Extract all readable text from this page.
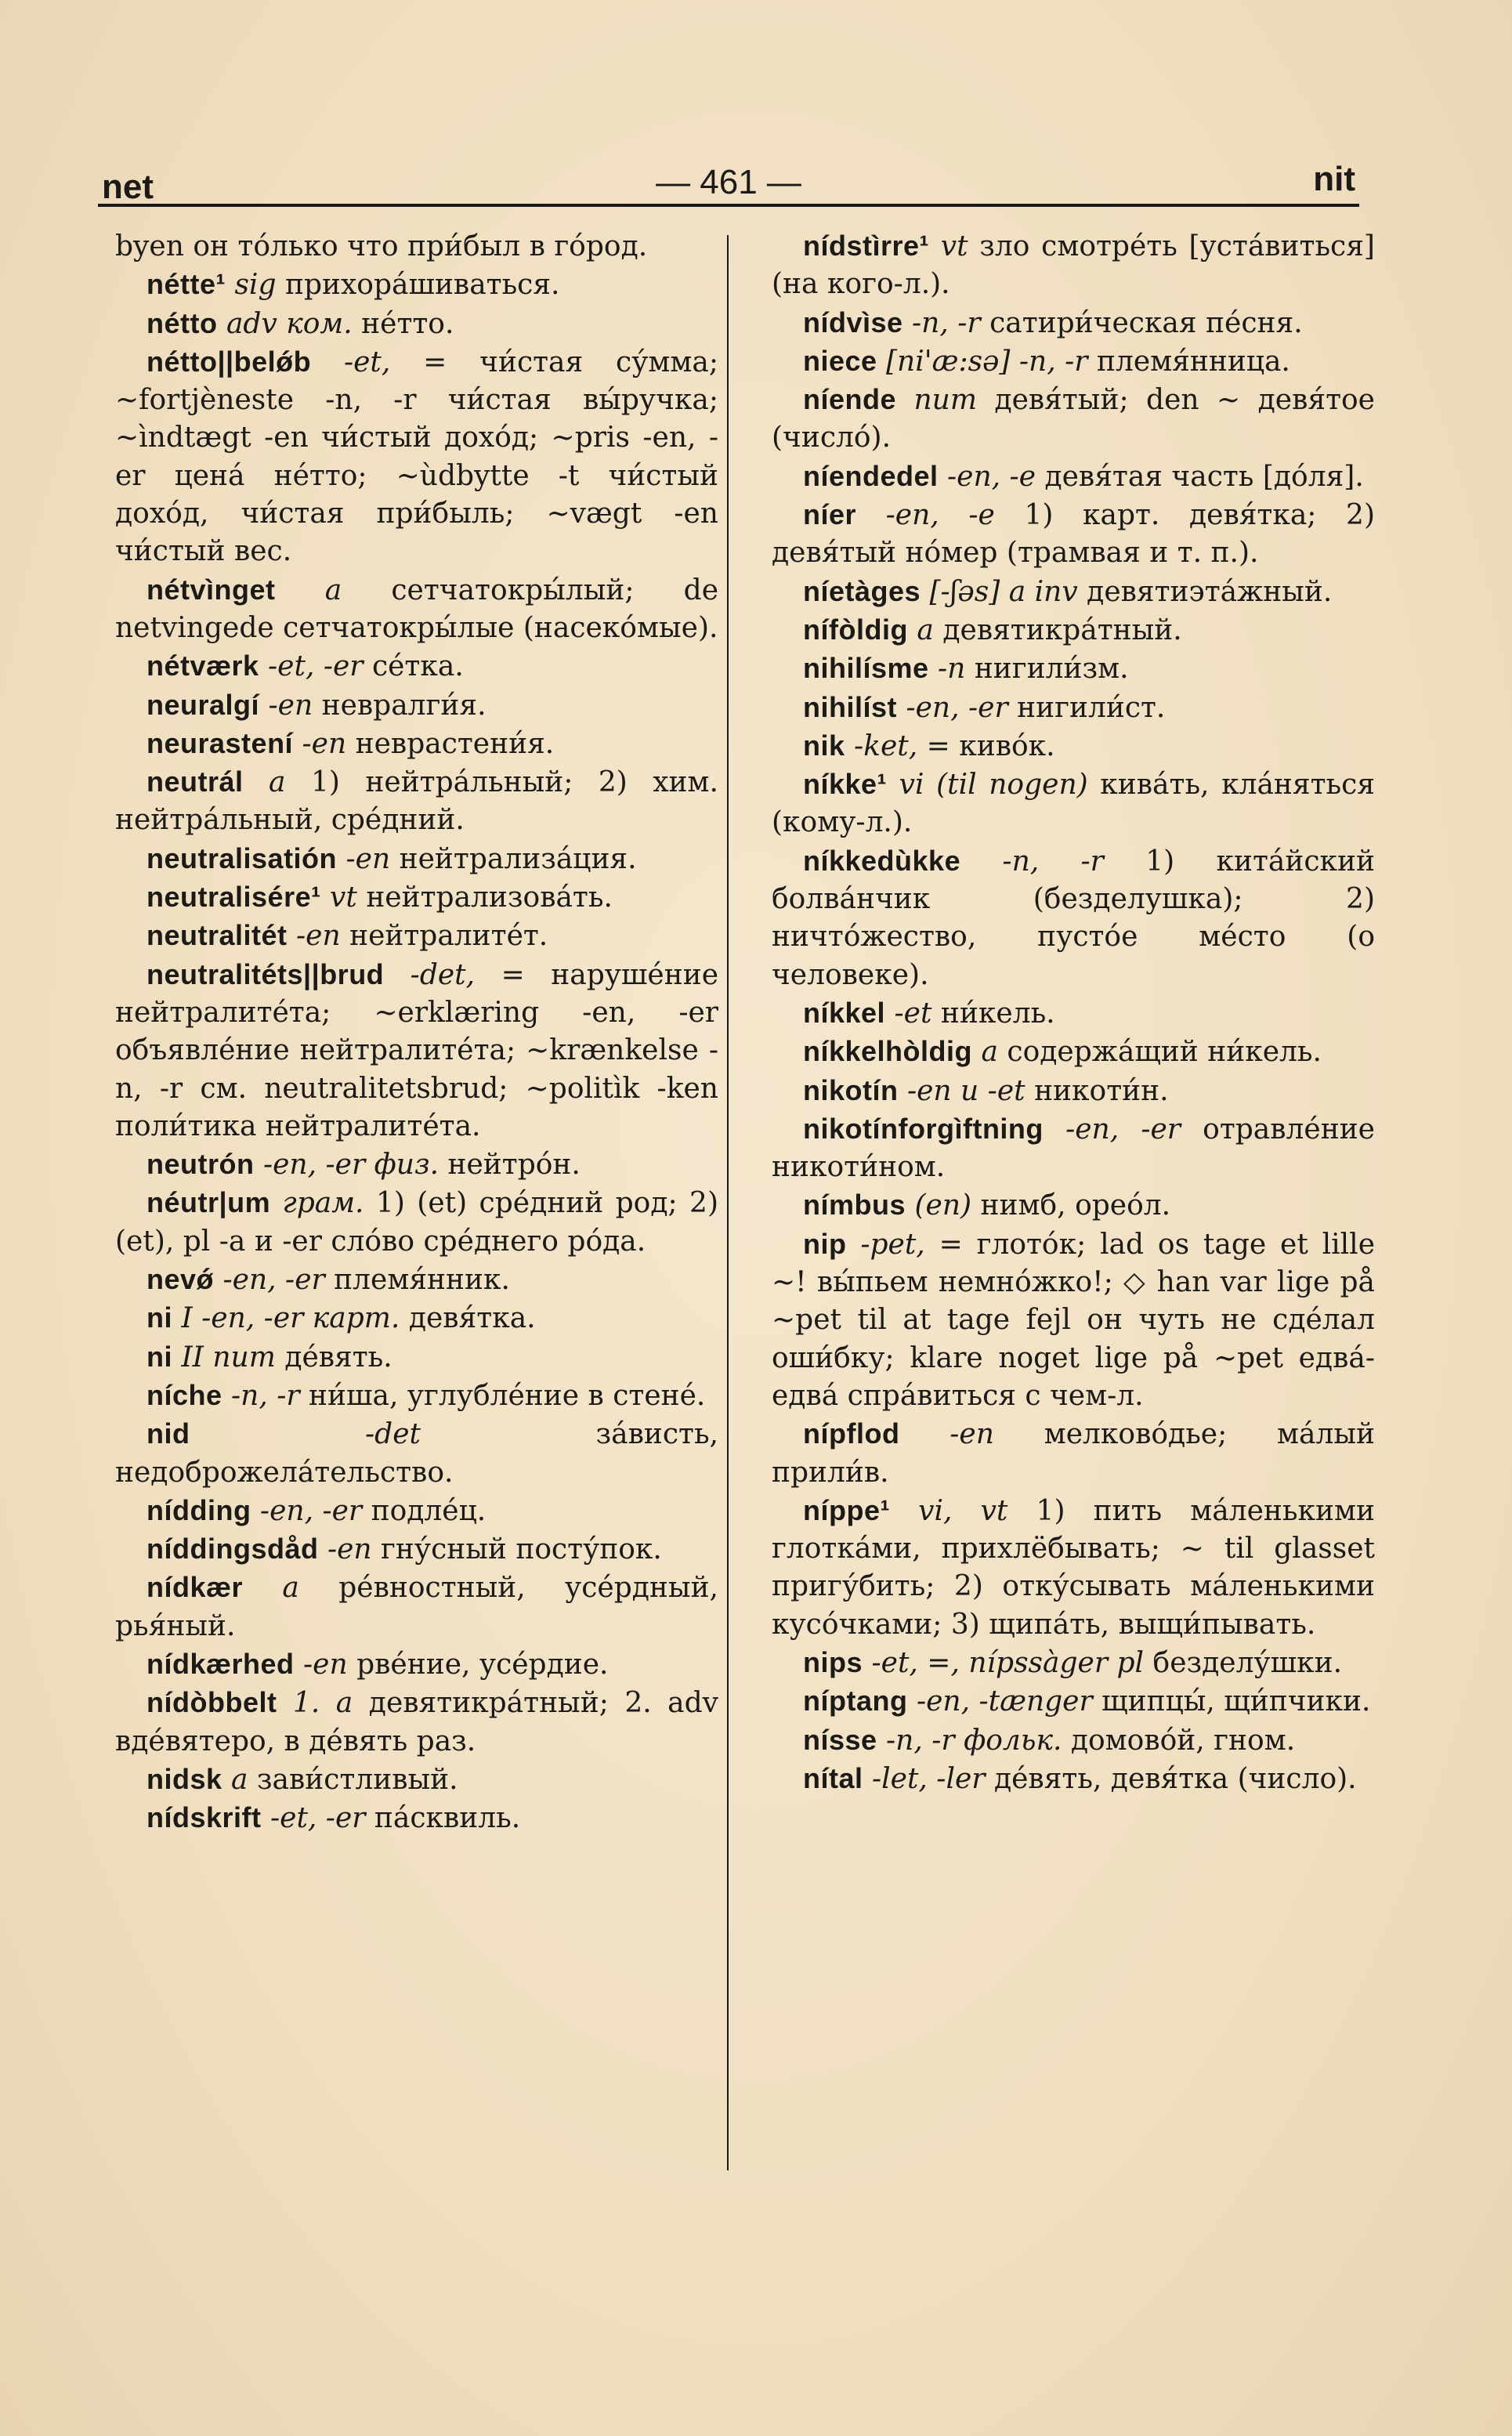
net	— 461 —	nit

byen он то́лько что при́был в го́род.

nétte¹ sig прихора́шиваться.

nétto adv ком. не́тто.

nétto||belǿb -et, = чи́стая су́мма; ~fortjèneste -n, -r чи́стая вы́ручка; ~ìndtægt -en чи́стый дохо́д; ~pris -en, -er цена́ не́тто; ~ùdbytte -t чи́стый дохо́д, чи́стая при́быль; ~vægt -en чи́стый вес.

nétvìnget a сетчатокры́лый; de netvingede сетчатокры́лые (насеко́мые).

nétværk -et, -er се́тка.

neuralgí -en невралги́я.

neurastení -en неврастени́я.

neutrál a 1) нейтра́льный; 2) хим. нейтра́льный, сре́дний.

neutralisatión -en нейтрализа́ция.

neutralisére¹ vt нейтрализова́ть.

neutralitét -en нейтралите́т.

neutralitéts||brud -det, = наруше́ние нейтралите́та; ~erklæring -en, -er объявле́ние нейтралите́та; ~krænkelse -n, -r см. neutralitetsbrud; ~politìk -ken поли́тика нейтралите́та.

neutrón -en, -er физ. нейтро́н.

néutr|um грам. 1) (et) сре́дний род; 2) (et), pl -a и -er сло́во сре́днего ро́да.

nevǿ -en, -er племя́нник.

ni I -en, -er карт. девя́тка.

ni II num де́вять.

níche -n, -r ни́ша, углубле́ние в стене́.

nid	-det	за́висть, недоброжела́тельство.

nídding -en, -er подле́ц.

níddingsdåd -en гну́сный посту́пок.

nídkær a ре́вностный, усе́рдный, рья́ный.

nídkærhed -en рве́ние, усе́рдие.

nídòbbelt 1. a девятикра́тный; 2. adv вде́вятеро, в де́вять раз.

nidsk a зави́стливый.

nídskrift -et, -er па́сквиль.

nídstìrre¹ vt зло смотре́ть [уста́виться] (на кого-л.).

nídvìse -n, -r сатири́ческая пе́сня.

niece [ni'æ:sə] -n, -r племя́нница.

níende num девя́тый; den ~ девя́тое (число́).

níendedel -en, -e девя́тая часть [до́ля].

níer -en, -e 1) карт. девя́тка; 2) девя́тый но́мер (трамвая и т. п.).

níetàges [-ʃəs] a inv девятиэта́жный.

nífòldig a девятикра́тный.

nihilísme -n нигили́зм.

nihilíst -en, -er нигили́ст.

nik -ket, = киво́к.

níkke¹ vi (til nogen) кива́ть, кла́няться (кому-л.).

níkkedùkke -n, -r 1) кита́йский болва́нчик (безделушка); 2) ничто́жество, пусто́е ме́сто (о человеке).

níkkel -et ни́кель.

níkkelhòldig a содержа́щий ни́кель.

nikotín -en и -et никоти́н.

nikotínforgìftning -en, -er отравле́ние никоти́ном.

nímbus (en) нимб, орео́л.

nip -pet, = глото́к; lad os tage et lille ~! вы́пьем немно́жко!; ◇ han var lige på ~pet til at tage fejl он чуть не сде́лал оши́бку; klare noget lige på ~pet едва́-едва́ спра́виться с чем-л.

nípflod -en мелково́дье; ма́лый прили́в.

níppe¹ vi, vt 1) пить ма́ленькими глотка́ми, прихлёбывать; ~ til glasset пригу́бить; 2) отку́сывать ма́ленькими кусо́чками; 3) щипа́ть, выщи́пывать.

nips -et, =, nípssàger pl безделу́шки.

níptang -en, -tænger щипцы́, щи́пчики.

nísse -n, -r фольк. домово́й, гном.

nítal -let, -ler де́вять, девя́тка (число).
